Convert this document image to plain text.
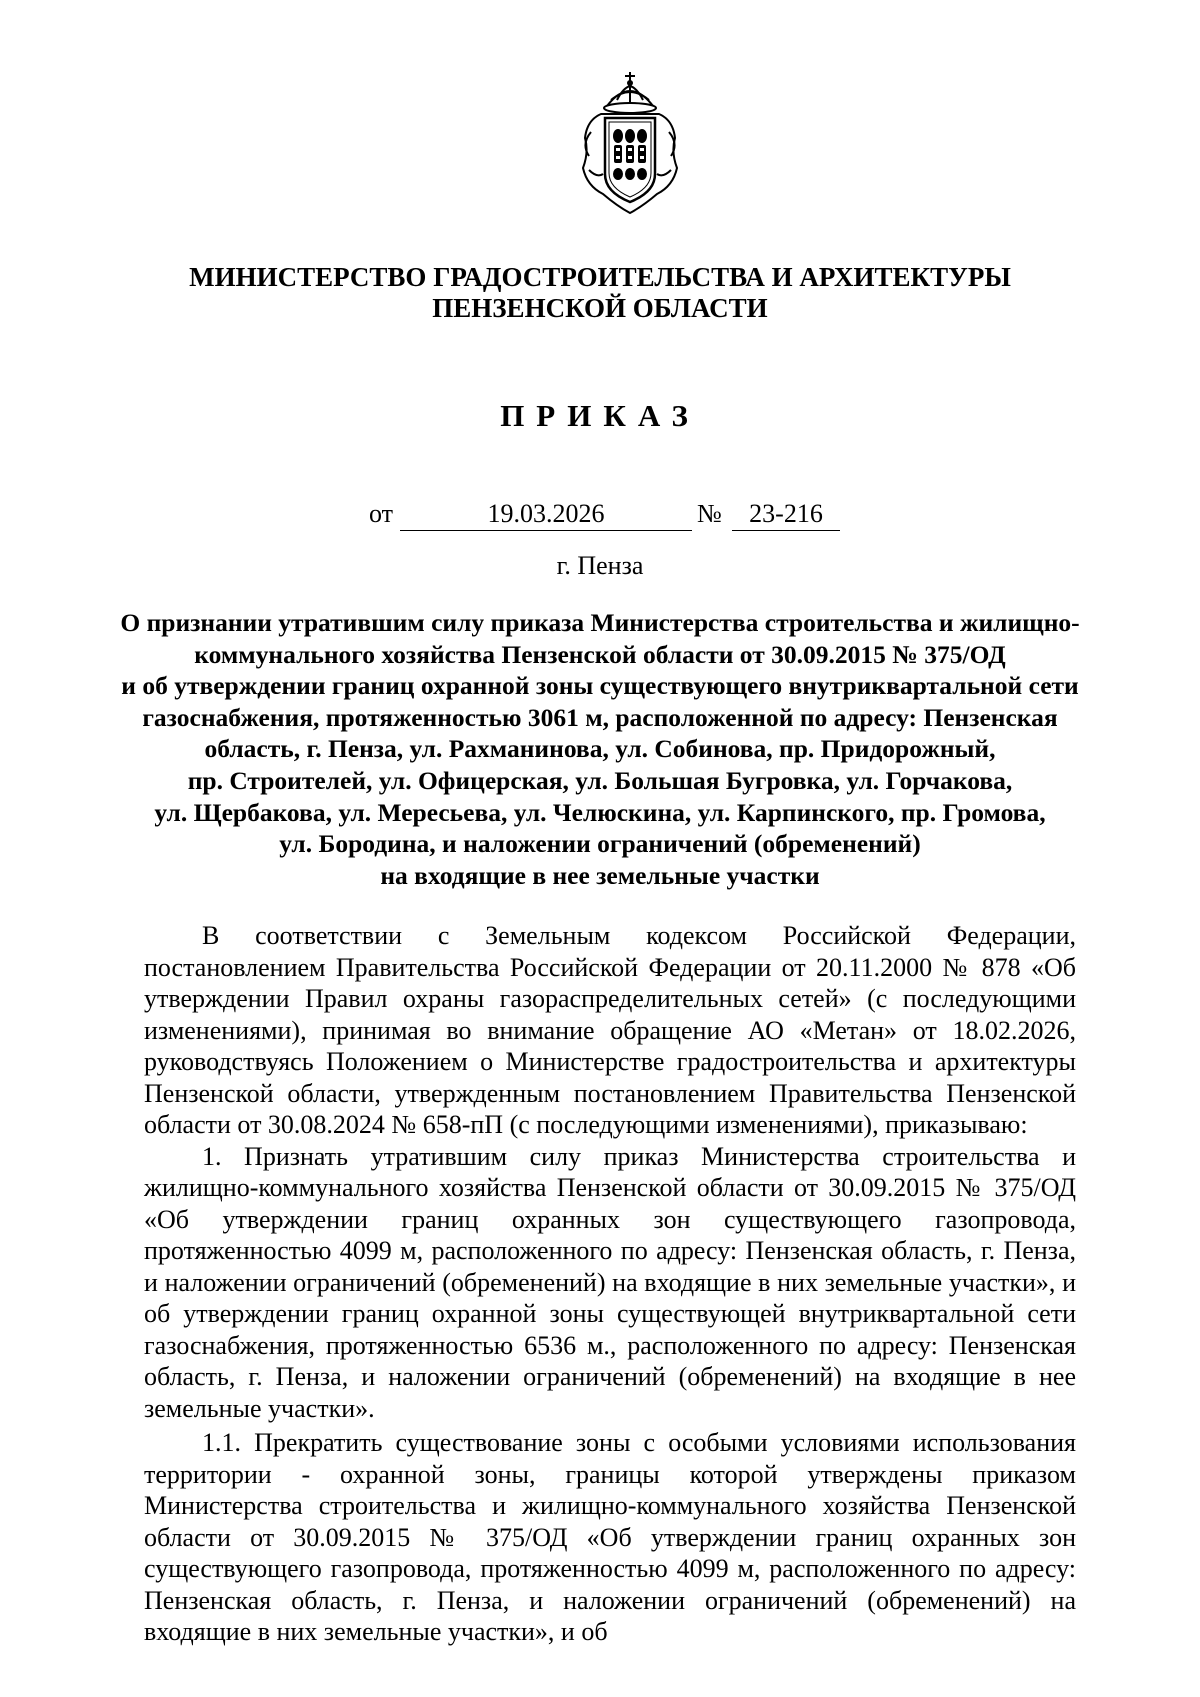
МИНИСТЕРСТВО ГРАДОСТРОИТЕЛЬСТВА И АРХИТЕКТУРЫ
ПЕНЗЕНСКОЙ ОБЛАСТИ
ПРИКАЗ
от	19.03.2026	№	23-216
г. Пенза
О признании утратившим силу приказа Министерства строительства и жилищно-
коммунального хозяйства Пензенской области от 30.09.2015 № 375/ОД
и об утверждении границ охранной зоны существующего внутриквартальной сети
газоснабжения, протяженностью 3061 м, расположенной по адресу: Пензенская
область, г. Пенза, ул. Рахманинова, ул. Собинова, пр. Придорожный,
пр. Строителей, ул. Офицерская, ул. Большая Бугровка, ул. Горчакова,
ул. Щербакова, ул. Мересьева, ул. Челюскина, ул. Карпинского, пр. Громова,
ул. Бородина, и наложении ограничений (обременений)
на входящие в нее земельные участки

В соответствии с Земельным кодексом Российской Федерации, постановлением Правительства Российской Федерации от 20.11.2000 № 878 «Об утверждении Правил охраны газораспределительных сетей» (с последующими изменениями), принимая во внимание обращение АО «Метан» от 18.02.2026, руководствуясь Положением о Министерстве градостроительства и архитектуры Пензенской области, утвержденным постановлением Правительства Пензенской области от 30.08.2024 № 658-пП (с последующими изменениями), приказываю:

1. Признать утратившим силу приказ Министерства строительства и жилищно-коммунального хозяйства Пензенской области от 30.09.2015 № 375/ОД «Об утверждении границ охранных зон существующего газопровода, протяженностью 4099 м, расположенного по адресу: Пензенская область, г. Пенза, и наложении ограничений (обременений) на входящие в них земельные участки», и об утверждении границ охранной зоны существующей внутриквартальной сети газоснабжения, протяженностью 6536 м., расположенного по адресу: Пензенская область, г. Пенза, и наложении ограничений (обременений) на входящие в нее земельные участки».

1.1. Прекратить существование зоны с особыми условиями использования территории - охранной зоны, границы которой утверждены приказом Министерства строительства и жилищно-коммунального хозяйства Пензенской области от 30.09.2015 № 375/ОД «Об утверждении границ охранных зон существующего газопровода, протяженностью 4099 м, расположенного по адресу: Пензенская область, г. Пенза, и наложении ограничений (обременений) на входящие в них земельные участки», и об
